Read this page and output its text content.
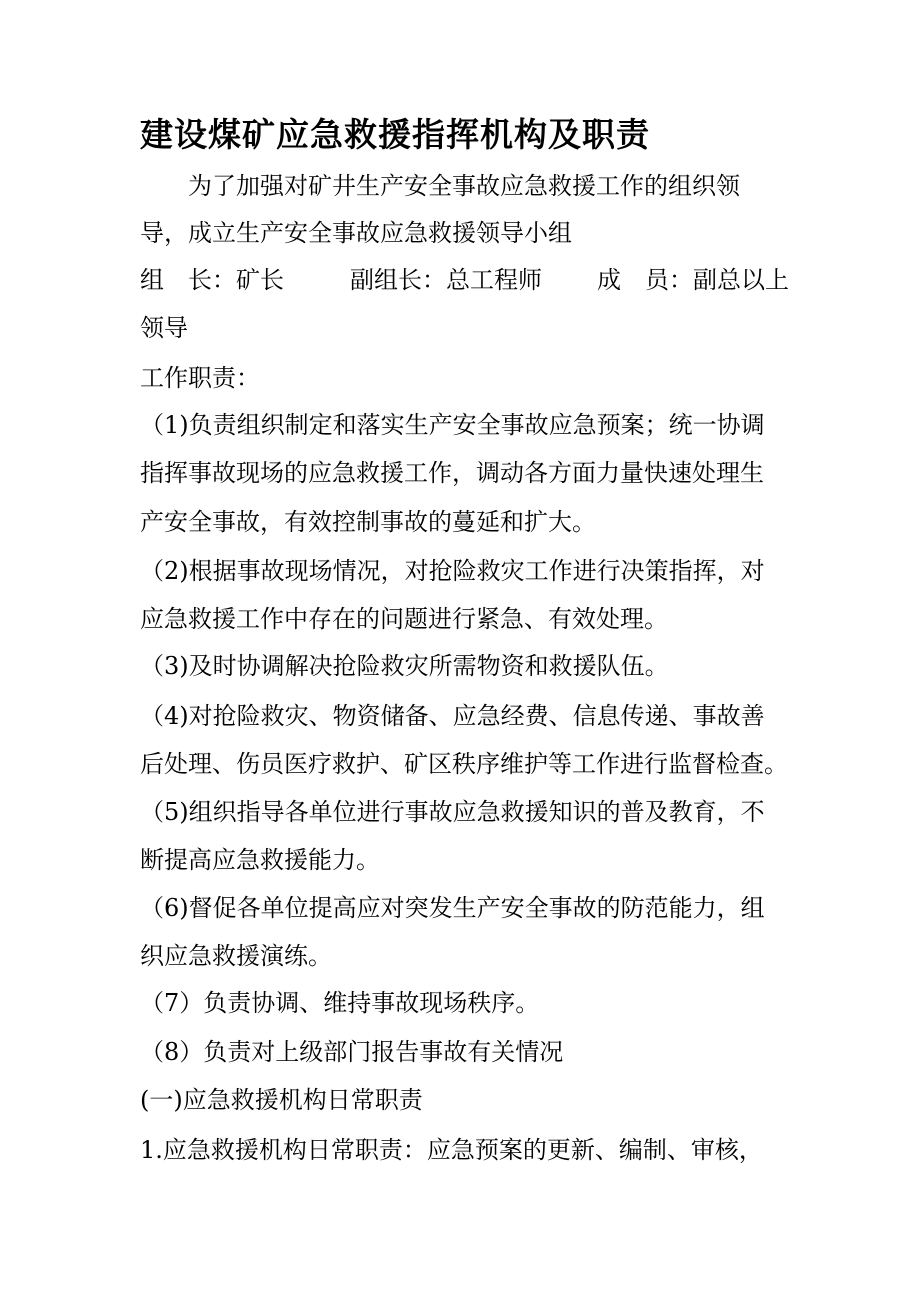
建设煤矿应急救援指挥机构及职责

为了加强对矿井生产安全事故应急救援工作的组织领

导，成立生产安全事故应急救援领导小组

组　长：矿长	副组长：总工程师 成　员：副总以上

领导

工作职责：

（1)负责组织制定和落实生产安全事故应急预案；统一协调

指挥事故现场的应急救援工作，调动各方面力量快速处理生

产安全事故，有效控制事故的蔓延和扩大。

（2)根据事故现场情况，对抢险救灾工作进行决策指挥，对

应急救援工作中存在的问题进行紧急、有效处理。

（3)及时协调解决抢险救灾所需物资和救援队伍。

（4)对抢险救灾、物资储备、应急经费、信息传递、事故善

后处理、伤员医疗救护、矿区秩序维护等工作进行监督检查。

（5)组织指导各单位进行事故应急救援知识的普及教育，不

断提高应急救援能力。

（6)督促各单位提高应对突发生产安全事故的防范能力，组

织应急救援演练。

（7）负责协调、维持事故现场秩序。

（8）负责对上级部门报告事故有关情况

(一)应急救援机构日常职责

1.应急救援机构日常职责：应急预案的更新、编制、审核，
